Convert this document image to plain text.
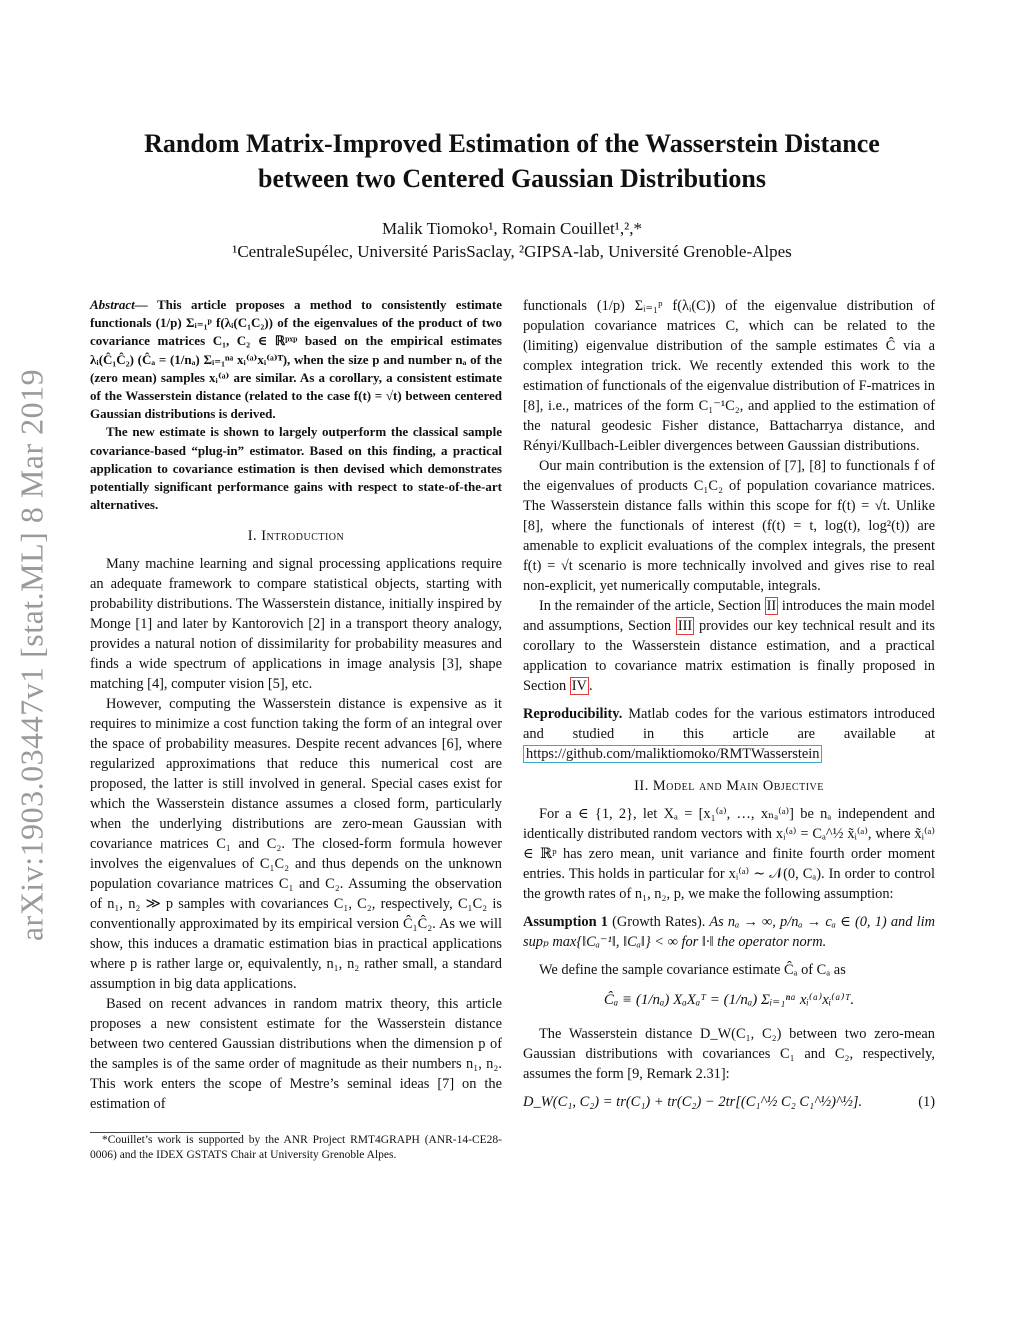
arXiv:1903.03447v1 [stat.ML] 8 Mar 2019
Random Matrix-Improved Estimation of the Wasserstein Distance
between two Centered Gaussian Distributions
Malik Tiomoko¹, Romain Couillet¹,²,*
¹CentraleSupélec, Université ParisSaclay, ²GIPSA-lab, Université Grenoble-Alpes

Abstract— This article proposes a method to consistently estimate functionals (1/p) Σᵢ₌₁ᵖ f(λᵢ(C₁C₂)) of the eigenvalues of the product of two covariance matrices C₁, C₂ ∈ ℝᵖˣᵖ based on the empirical estimates λᵢ(Ĉ₁Ĉ₂) (Ĉₐ = (1/nₐ) Σᵢ₌₁ⁿᵃ xᵢ⁽ᵃ⁾xᵢ⁽ᵃ⁾ᵀ), when the size p and number nₐ of the (zero mean) samples xᵢ⁽ᵃ⁾ are similar. As a corollary, a consistent estimate of the Wasserstein distance (related to the case f(t) = √t) between centered Gaussian distributions is derived.

The new estimate is shown to largely outperform the classical sample covariance-based “plug-in” estimator. Based on this finding, a practical application to covariance estimation is then devised which demonstrates potentially significant performance gains with respect to state-of-the-art alternatives.

I. Introduction

Many machine learning and signal processing applications require an adequate framework to compare statistical objects, starting with probability distributions. The Wasserstein distance, initially inspired by Monge [1] and later by Kantorovich [2] in a transport theory analogy, provides a natural notion of dissimilarity for probability measures and finds a wide spectrum of applications in image analysis [3], shape matching [4], computer vision [5], etc.

However, computing the Wasserstein distance is expensive as it requires to minimize a cost function taking the form of an integral over the space of probability measures. Despite recent advances [6], where regularized approximations that reduce this numerical cost are proposed, the latter is still involved in general. Special cases exist for which the Wasserstein distance assumes a closed form, particularly when the underlying distributions are zero-mean Gaussian with covariance matrices C₁ and C₂. The closed-form formula however involves the eigenvalues of C₁C₂ and thus depends on the unknown population covariance matrices C₁ and C₂. Assuming the observation of n₁, n₂ ≫ p samples with covariances C₁, C₂, respectively, C₁C₂ is conventionally approximated by its empirical version Ĉ₁Ĉ₂. As we will show, this induces a dramatic estimation bias in practical applications where p is rather large or, equivalently, n₁, n₂ rather small, a standard assumption in big data applications.

Based on recent advances in random matrix theory, this article proposes a new consistent estimate for the Wasserstein distance between two centered Gaussian distributions when the dimension p of the samples is of the same order of magnitude as their numbers n₁, n₂. This work enters the scope of Mestre’s seminal ideas [7] on the estimation of

*Couillet’s work is supported by the ANR Project RMT4GRAPH (ANR-14-CE28-0006) and the IDEX GSTATS Chair at University Grenoble Alpes.

functionals (1/p) Σᵢ₌₁ᵖ f(λᵢ(C)) of the eigenvalue distribution of population covariance matrices C, which can be related to the (limiting) eigenvalue distribution of the sample estimates Ĉ via a complex integration trick. We recently extended this work to the estimation of functionals of the eigenvalue distribution of F-matrices in [8], i.e., matrices of the form C₁⁻¹C₂, and applied to the estimation of the natural geodesic Fisher distance, Battacharrya distance, and Rényi/Kullbach-Leibler divergences between Gaussian distributions.

Our main contribution is the extension of [7], [8] to functionals f of the eigenvalues of products C₁C₂ of population covariance matrices. The Wasserstein distance falls within this scope for f(t) = √t. Unlike [8], where the functionals of interest (f(t) = t, log(t), log²(t)) are amenable to explicit evaluations of the complex integrals, the present f(t) = √t scenario is more technically involved and gives rise to real non-explicit, yet numerically computable, integrals.

In the remainder of the article, Section II introduces the main model and assumptions, Section III provides our key technical result and its corollary to the Wasserstein distance estimation, and a practical application to covariance matrix estimation is finally proposed in Section IV .

Reproducibility. Matlab codes for the various estimators introduced and studied in this article are available at https://github.com/maliktiomoko/RMTWasserstein

II. Model and Main Objective

For a ∈ {1, 2}, let Xₐ = [x₁⁽ᵃ⁾, …, xₙₐ⁽ᵃ⁾] be nₐ independent and identically distributed random vectors with xᵢ⁽ᵃ⁾ = Cₐ^½ x̃ᵢ⁽ᵃ⁾, where x̃ᵢ⁽ᵃ⁾ ∈ ℝᵖ has zero mean, unit variance and finite fourth order moment entries. This holds in particular for xᵢ⁽ᵃ⁾ ∼ 𝒩(0, Cₐ). In order to control the growth rates of n₁, n₂, p, we make the following assumption:

Assumption 1 (Growth Rates). As nₐ → ∞, p/nₐ → cₐ ∈ (0, 1) and lim supₚ max{‖Cₐ⁻¹‖, ‖Cₐ‖} < ∞ for ‖·‖ the operator norm.

We define the sample covariance estimate Ĉₐ of Cₐ as

Ĉₐ ≡ (1/nₐ) XₐXₐᵀ = (1/nₐ) Σᵢ₌₁ⁿᵃ xᵢ⁽ᵃ⁾xᵢ⁽ᵃ⁾ᵀ.

The Wasserstein distance D_W(C₁, C₂) between two zero-mean Gaussian distributions with covariances C₁ and C₂, respectively, assumes the form [9, Remark 2.31]:

D_W(C₁, C₂) = tr(C₁) + tr(C₂) − 2tr[(C₁^½ C₂ C₁^½)^½].	(1)
